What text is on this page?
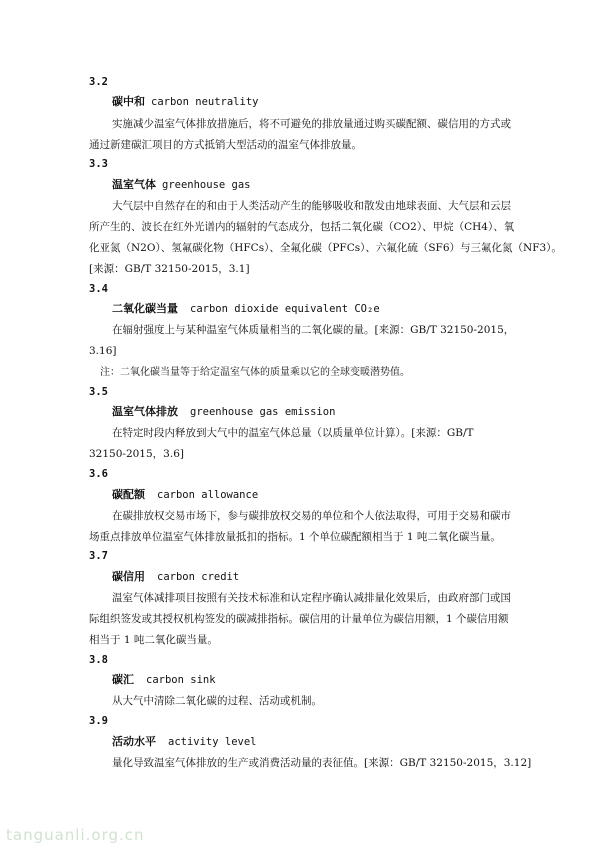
3.2
碳中和 carbon neutrality
实施减少温室气体排放措施后，将不可避免的排放量通过购买碳配额、碳信用的方式或
通过新建碳汇项目的方式抵销大型活动的温室气体排放量。
3.3
温室气体 greenhouse gas
大气层中自然存在的和由于人类活动产生的能够吸收和散发由地球表面、大气层和云层
所产生的、波长在红外光谱内的辐射的气态成分，包括二氧化碳（CO2）、甲烷（CH4）、氧
化亚氮（N2O）、氢氟碳化物（HFCs）、全氟化碳（PFCs）、六氟化硫（SF6）与三氟化氮（NF3）。
[来源：GB/T 32150-2015，3.1]
3.4
二氧化碳当量 carbon dioxide equivalent CO₂e
在辐射强度上与某种温室气体质量相当的二氧化碳的量。[来源：GB/T 32150-2015，
3.16]
注：二氧化碳当量等于给定温室气体的质量乘以它的全球变暖潜势值。
3.5
温室气体排放 greenhouse gas emission
在特定时段内释放到大气中的温室气体总量（以质量单位计算）。[来源：GB/T
32150-2015，3.6]
3.6
碳配额 carbon allowance
在碳排放权交易市场下，参与碳排放权交易的单位和个人依法取得，可用于交易和碳市
场重点排放单位温室气体排放量抵扣的指标。1 个单位碳配额相当于 1 吨二氧化碳当量。
3.7
碳信用 carbon credit
温室气体减排项目按照有关技术标准和认定程序确认减排量化效果后，由政府部门或国
际组织签发或其授权机构签发的碳减排指标。碳信用的计量单位为碳信用额，1 个碳信用额
相当于 1 吨二氧化碳当量。
3.8
碳汇 carbon sink
从大气中清除二氧化碳的过程、活动或机制。
3.9
活动水平 activity level
量化导致温室气体排放的生产或消费活动量的表征值。[来源：GB/T 32150-2015，3.12]
tanguanli.org.cn
